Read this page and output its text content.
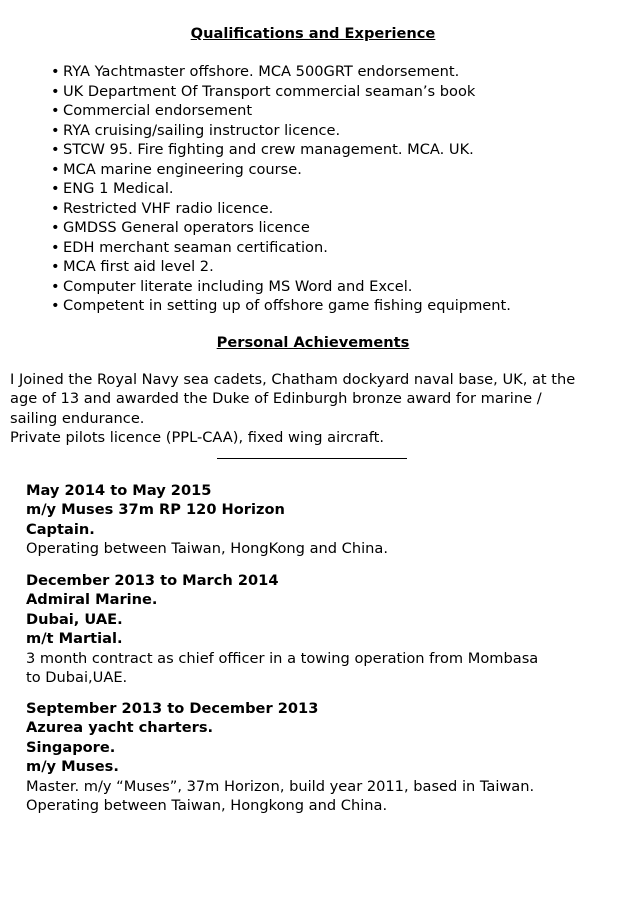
Qualifications and Experience
• RYA Yachtmaster offshore. MCA 500GRT endorsement.
• UK Department Of Transport commercial seaman’s book
• Commercial endorsement
• RYA cruising/sailing instructor licence.
• STCW 95. Fire fighting and crew management. MCA. UK.
• MCA marine engineering course.
• ENG 1 Medical.
• Restricted VHF radio licence.
• GMDSS General operators licence
• EDH merchant seaman certification.
• MCA first aid level 2.
• Computer literate including MS Word and Excel.
• Competent in setting up of offshore game fishing equipment.
Personal Achievements

I Joined the Royal Navy sea cadets, Chatham dockyard naval base, UK, at the

age of 13 and awarded the Duke of Edinburgh bronze award for marine /

sailing endurance.

Private pilots licence (PPL-CAA), fixed wing aircraft.

May 2014 to May 2015

m/y Muses 37m RP 120 Horizon

Captain.

Operating between Taiwan, HongKong and China.

December 2013 to March 2014

Admiral Marine.

Dubai, UAE.

m/t Martial.

3 month contract as chief officer in a towing operation from Mombasa

to Dubai,UAE.

September 2013 to December 2013

Azurea yacht charters.

Singapore.

m/y Muses.

Master. m/y “Muses”, 37m Horizon, build year 2011, based in Taiwan.

Operating between Taiwan, Hongkong and China.
